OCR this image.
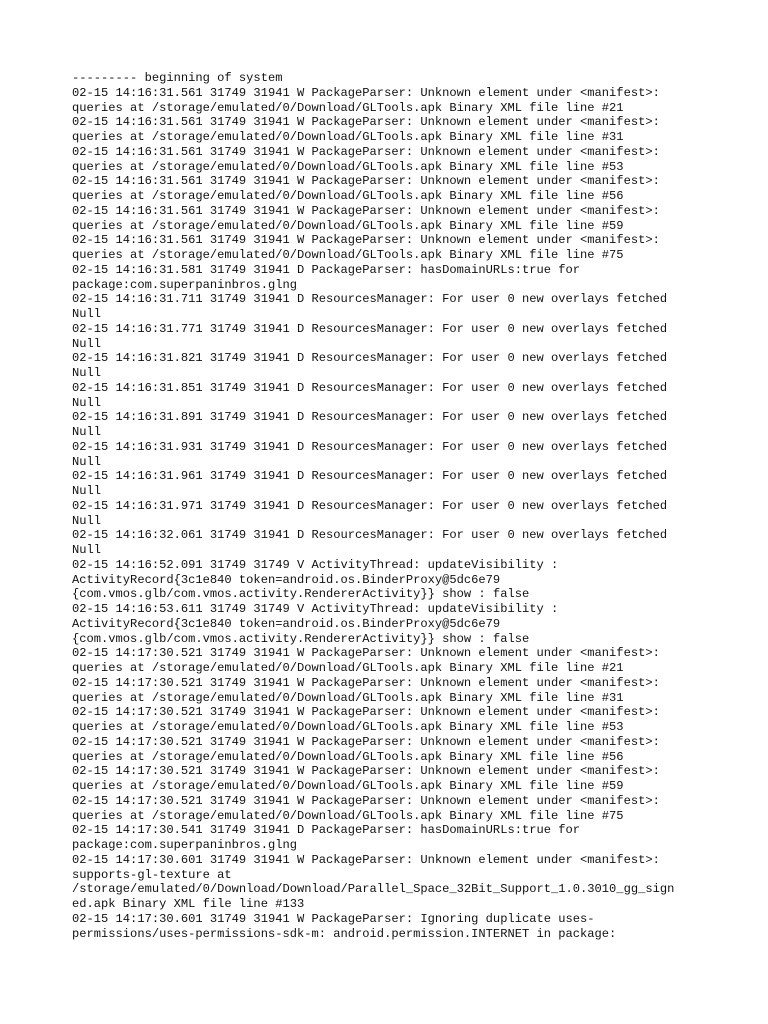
--------- beginning of system
02-15 14:16:31.561 31749 31941 W PackageParser: Unknown element under <manifest>:
queries at /storage/emulated/0/Download/GLTools.apk Binary XML file line #21
02-15 14:16:31.561 31749 31941 W PackageParser: Unknown element under <manifest>:
queries at /storage/emulated/0/Download/GLTools.apk Binary XML file line #31
02-15 14:16:31.561 31749 31941 W PackageParser: Unknown element under <manifest>:
queries at /storage/emulated/0/Download/GLTools.apk Binary XML file line #53
02-15 14:16:31.561 31749 31941 W PackageParser: Unknown element under <manifest>:
queries at /storage/emulated/0/Download/GLTools.apk Binary XML file line #56
02-15 14:16:31.561 31749 31941 W PackageParser: Unknown element under <manifest>:
queries at /storage/emulated/0/Download/GLTools.apk Binary XML file line #59
02-15 14:16:31.561 31749 31941 W PackageParser: Unknown element under <manifest>:
queries at /storage/emulated/0/Download/GLTools.apk Binary XML file line #75
02-15 14:16:31.581 31749 31941 D PackageParser: hasDomainURLs:true for
package:com.superpaninbros.glng
02-15 14:16:31.711 31749 31941 D ResourcesManager: For user 0 new overlays fetched
Null
02-15 14:16:31.771 31749 31941 D ResourcesManager: For user 0 new overlays fetched
Null
02-15 14:16:31.821 31749 31941 D ResourcesManager: For user 0 new overlays fetched
Null
02-15 14:16:31.851 31749 31941 D ResourcesManager: For user 0 new overlays fetched
Null
02-15 14:16:31.891 31749 31941 D ResourcesManager: For user 0 new overlays fetched
Null
02-15 14:16:31.931 31749 31941 D ResourcesManager: For user 0 new overlays fetched
Null
02-15 14:16:31.961 31749 31941 D ResourcesManager: For user 0 new overlays fetched
Null
02-15 14:16:31.971 31749 31941 D ResourcesManager: For user 0 new overlays fetched
Null
02-15 14:16:32.061 31749 31941 D ResourcesManager: For user 0 new overlays fetched
Null
02-15 14:16:52.091 31749 31749 V ActivityThread: updateVisibility :
ActivityRecord{3c1e840 token=android.os.BinderProxy@5dc6e79
{com.vmos.glb/com.vmos.activity.RendererActivity}} show : false
02-15 14:16:53.611 31749 31749 V ActivityThread: updateVisibility :
ActivityRecord{3c1e840 token=android.os.BinderProxy@5dc6e79
{com.vmos.glb/com.vmos.activity.RendererActivity}} show : false
02-15 14:17:30.521 31749 31941 W PackageParser: Unknown element under <manifest>:
queries at /storage/emulated/0/Download/GLTools.apk Binary XML file line #21
02-15 14:17:30.521 31749 31941 W PackageParser: Unknown element under <manifest>:
queries at /storage/emulated/0/Download/GLTools.apk Binary XML file line #31
02-15 14:17:30.521 31749 31941 W PackageParser: Unknown element under <manifest>:
queries at /storage/emulated/0/Download/GLTools.apk Binary XML file line #53
02-15 14:17:30.521 31749 31941 W PackageParser: Unknown element under <manifest>:
queries at /storage/emulated/0/Download/GLTools.apk Binary XML file line #56
02-15 14:17:30.521 31749 31941 W PackageParser: Unknown element under <manifest>:
queries at /storage/emulated/0/Download/GLTools.apk Binary XML file line #59
02-15 14:17:30.521 31749 31941 W PackageParser: Unknown element under <manifest>:
queries at /storage/emulated/0/Download/GLTools.apk Binary XML file line #75
02-15 14:17:30.541 31749 31941 D PackageParser: hasDomainURLs:true for
package:com.superpaninbros.glng
02-15 14:17:30.601 31749 31941 W PackageParser: Unknown element under <manifest>:
supports-gl-texture at
/storage/emulated/0/Download/Download/Parallel_Space_32Bit_Support_1.0.3010_gg_sign
ed.apk Binary XML file line #133
02-15 14:17:30.601 31749 31941 W PackageParser: Ignoring duplicate uses-
permissions/uses-permissions-sdk-m: android.permission.INTERNET in package:
